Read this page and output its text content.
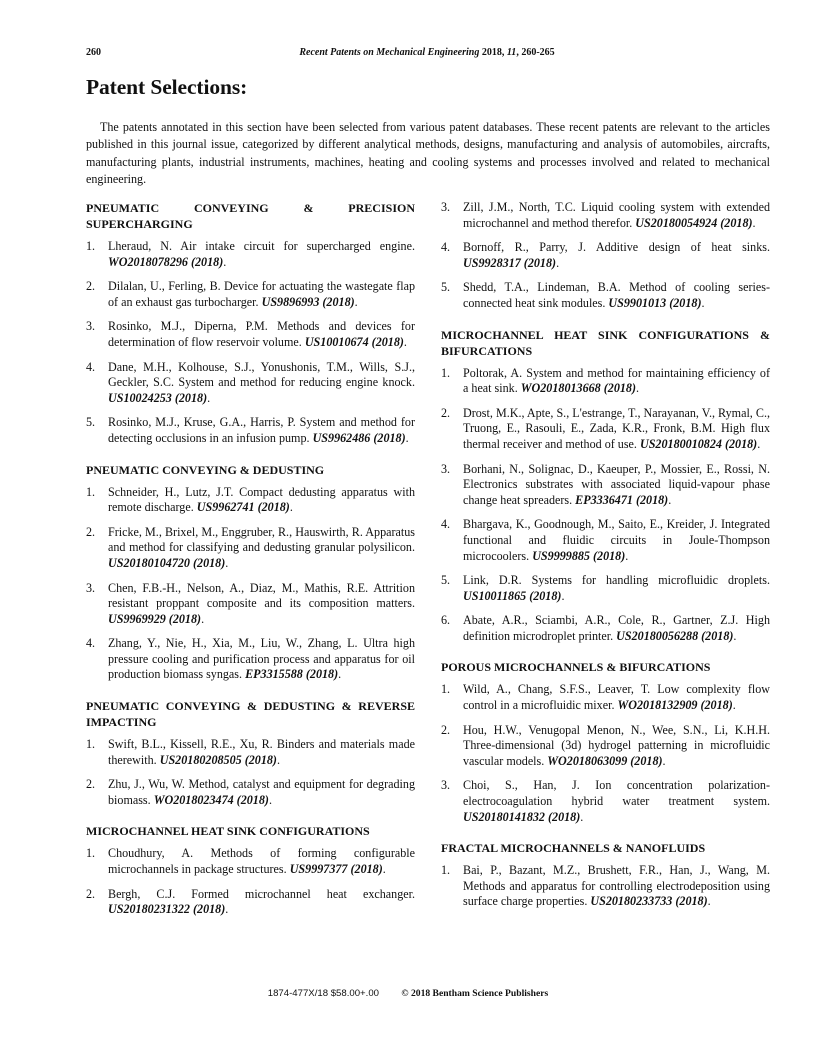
260	Recent Patents on Mechanical Engineering 2018, 11, 260-265
Patent Selections:

The patents annotated in this section have been selected from various patent databases. These recent patents are relevant to the articles published in this journal issue, categorized by different analytical methods, designs, manufacturing and analysis of automobiles, aircrafts, manufacturing plants, industrial instruments, machines, heating and cooling systems and processes involved and related to mechanical engineering.

PNEUMATIC CONVEYING & PRECISION SUPERCHARGING
1. Lheraud, N. Air intake circuit for supercharged engine. WO2018078296 (2018).
2. Dilalan, U., Ferling, B. Device for actuating the wastegate flap of an exhaust gas turbocharger. US9896993 (2018).
3. Rosinko, M.J., Diperna, P.M. Methods and devices for determination of flow reservoir volume. US10010674 (2018).
4. Dane, M.H., Kolhouse, S.J., Yonushonis, T.M., Wills, S.J., Geckler, S.C. System and method for reducing engine knock. US10024253 (2018).
5. Rosinko, M.J., Kruse, G.A., Harris, P. System and method for detecting occlusions in an infusion pump. US9962486 (2018).
PNEUMATIC CONVEYING & DEDUSTING
1. Schneider, H., Lutz, J.T. Compact dedusting apparatus with remote discharge. US9962741 (2018).
2. Fricke, M., Brixel, M., Enggruber, R., Hauswirth, R. Apparatus and method for classifying and dedusting granular polysilicon. US20180104720 (2018).
3. Chen, F.B.-H., Nelson, A., Diaz, M., Mathis, R.E. Attrition resistant proppant composite and its composition matters. US9969929 (2018).
4. Zhang, Y., Nie, H., Xia, M., Liu, W., Zhang, L. Ultra high pressure cooling and purification process and apparatus for oil production biomass syngas. EP3315588 (2018).
PNEUMATIC CONVEYING & DEDUSTING & REVERSE IMPACTING
1. Swift, B.L., Kissell, R.E., Xu, R. Binders and materials made therewith. US20180208505 (2018).
2. Zhu, J., Wu, W. Method, catalyst and equipment for degrading biomass. WO2018023474 (2018).
MICROCHANNEL HEAT SINK CONFIGURATIONS
1. Choudhury, A. Methods of forming configurable microchannels in package structures. US9997377 (2018).
2. Bergh, C.J. Formed microchannel heat exchanger. US20180231322 (2018).
3. Zill, J.M., North, T.C. Liquid cooling system with extended microchannel and method therefor. US20180054924 (2018).
4. Bornoff, R., Parry, J. Additive design of heat sinks. US9928317 (2018).
5. Shedd, T.A., Lindeman, B.A. Method of cooling series-connected heat sink modules. US9901013 (2018).
MICROCHANNEL HEAT SINK CONFIGURATIONS & BIFURCATIONS
1. Poltorak, A. System and method for maintaining efficiency of a heat sink. WO2018013668 (2018).
2. Drost, M.K., Apte, S., L'estrange, T., Narayanan, V., Rymal, C., Truong, E., Rasouli, E., Zada, K.R., Fronk, B.M. High flux thermal receiver and method of use. US20180010824 (2018).
3. Borhani, N., Solignac, D., Kaeuper, P., Mossier, E., Rossi, N. Electronics substrates with associated liquid-vapour phase change heat spreaders. EP3336471 (2018).
4. Bhargava, K., Goodnough, M., Saito, E., Kreider, J. Integrated functional and fluidic circuits in Joule-Thompson microcoolers. US9999885 (2018).
5. Link, D.R. Systems for handling microfluidic droplets. US10011865 (2018).
6. Abate, A.R., Sciambi, A.R., Cole, R., Gartner, Z.J. High definition microdroplet printer. US20180056288 (2018).
POROUS MICROCHANNELS & BIFURCATIONS
1. Wild, A., Chang, S.F.S., Leaver, T. Low complexity flow control in a microfluidic mixer. WO2018132909 (2018).
2. Hou, H.W., Venugopal Menon, N., Wee, S.N., Li, K.H.H. Three-dimensional (3d) hydrogel patterning in microfluidic vascular models. WO2018063099 (2018).
3. Choi, S., Han, J. Ion concentration polarization-electrocoagulation hybrid water treatment system. US20180141832 (2018).
FRACTAL MICROCHANNELS & NANOFLUIDS
1. Bai, P., Bazant, M.Z., Brushett, F.R., Han, J., Wang, M. Methods and apparatus for controlling electrodeposition using surface charge properties. US20180233733 (2018).
1874-477X/18 $58.00+.00 © 2018 Bentham Science Publishers
